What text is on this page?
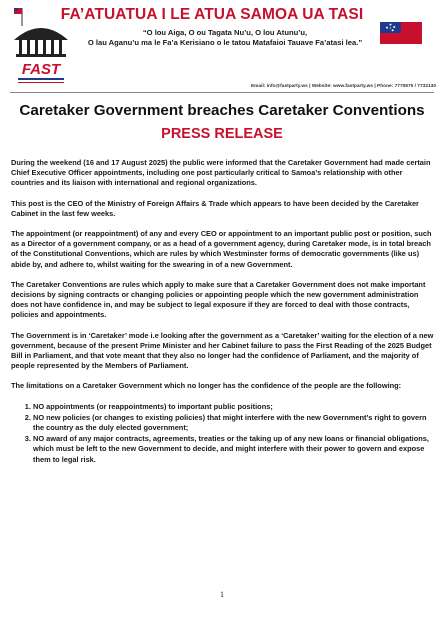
FAST
FA’ATUATUA I LE ATUA SAMOA UA TASI
“O lou Aiga, O ou Tagata Nu’u, O lou Atunu’u,
O lau Aganu’u ma le Fa’a Kerisiano o le tatou Matafaioi Tauave Fa’atasi lea.”
Email: info@fastparty.ws | Website: www.fastparty.ws | Phone: 7770875 / 7732130
Caretaker Government breaches Caretaker Conventions
PRESS RELEASE

During the weekend (16 and 17 August 2025) the public were informed that the Caretaker Government had made certain Chief Executive Officer appointments, including one post particularly critical to Samoa’s relationship with other countries and its liaison with international and regional organizations.

This post is the CEO of the Ministry of Foreign Affairs & Trade which appears to have been decided by the Caretaker Cabinet in the last few weeks.

The appointment (or reappointment) of any and every CEO or appointment to an important public post or position, such as a Director of a government company, or as a head of a government agency, during Caretaker mode, is in total breach of the Constitutional Conventions, which are rules by which Westminster forms of democratic governments (like us) abide by, and adhere to, whilst waiting for the swearing in of a new Government.

The Caretaker Conventions are rules which apply to make sure that a Caretaker Government does not make important decisions by signing contracts or changing policies or appointing people which the new government administration does not have confidence in, and may be subject to legal exposure if they are forced to deal with those contracts, policies and appointments.

The Government is in ‘Caretaker’ mode i.e looking after the government as a ‘Caretaker’ waiting for the election of a new government, because of the present Prime Minister and her Cabinet failure to pass the First Reading of the 2025 Budget Bill in Parliament, and that vote meant that they also no longer had the confidence of Parliament, and the majority of people represented by the Members of Parliament.

The limitations on a Caretaker Government which no longer has the confidence of the people are the following:

1. NO appointments (or reappointments) to important public positions;
2. NO new policies (or changes to existing policies) that might interfere with the new Government’s right to govern the country as the duly elected government;
3. NO award of any major contracts, agreements, treaties or the taking up of any new loans or financial obligations, which must be left to the new Government to decide, and might interfere with their power to govern and expose them to legal risk.
1
